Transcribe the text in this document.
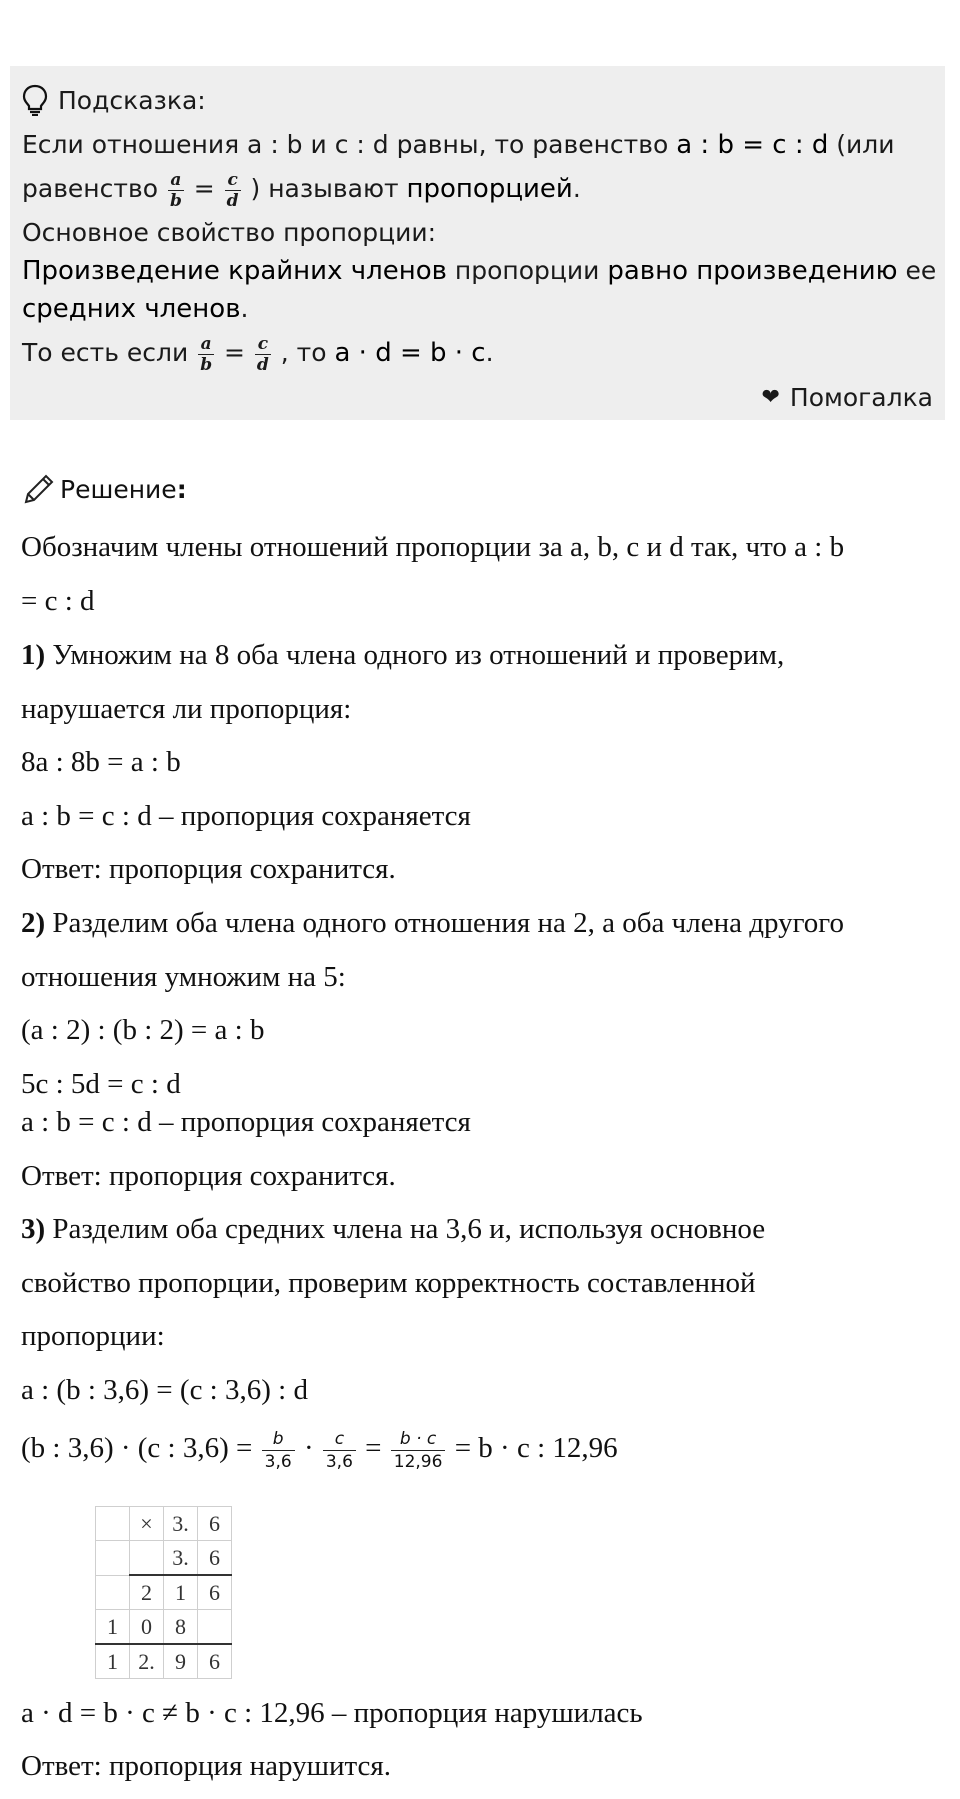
Подсказка:
Если отношения a : b и c : d равны, то равенство a : b = c : d (или
равенство $\frac{a}{b} = \frac{c}{d}$ ) называют пропорцией.
Основное свойство пропорции:
Произведение крайних членов пропорции равно произведению ее
средних членов.
То есть если $\frac{a}{b} = \frac{c}{d}$ , то a · d = b · c.
❤ Помогалка
Решение :
Обозначим члены отношений пропорции за a, b, c и d так, что a : b
= c : d
1) Умножим на 8 оба члена одного из отношений и проверим,
нарушается ли пропорция:
8a : 8b = a : b
a : b = c : d – пропорция сохраняется
Ответ: пропорция сохранится.
2) Разделим оба члена одного отношения на 2, а оба члена другого
отношения умножим на 5:
(a : 2) : (b : 2) = a : b
5c : 5d = c : d
a : b = c : d – пропорция сохраняется
Ответ: пропорция сохранится.
3) Разделим оба средних члена на 3,6 и, используя основное
свойство пропорции, проверим корректность составленной
пропорции:
a : (b : 3,6) = (c : 3,6) : d
(b : 3,6) · (c : $3,6) = \frac{b}{3,6} \cdot \frac{c}{3,6} = \frac{b \cdot c}{12,96} = b \cdot c$ : 12,96
	×	3.	6
		3.	6
	2	1	6
1	0	8	
1	2.	9	6
a · d = b · c ≠ b · c : 12,96 – пропорция нарушилась
Ответ: пропорция нарушится.
